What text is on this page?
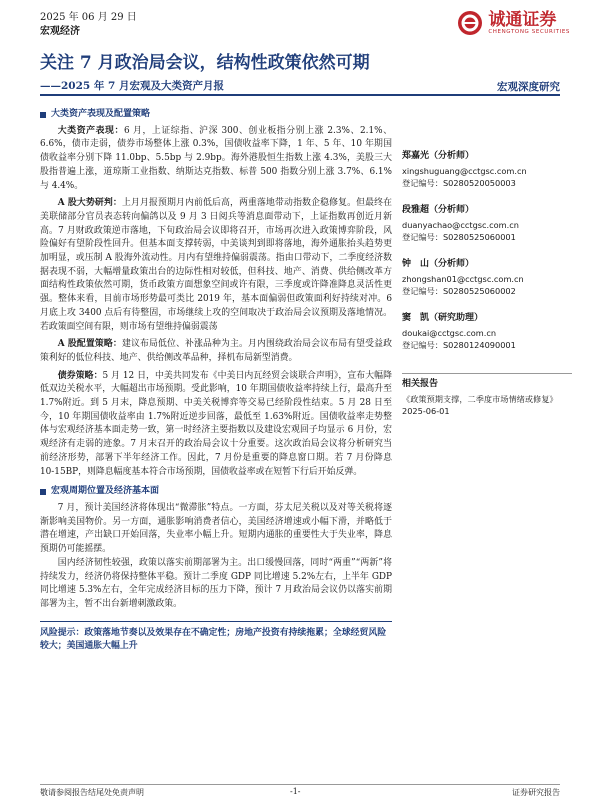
2025 年 06 月 29 日
宏观经济
诚通证券
CHENGTONG SECURITIES
关注 7 月政治局会议，结构性政策依然可期
——2025 年 7 月宏观及大类资产月报	宏观深度研究
大类资产表现及配置策略

大类资产表现：6 月，上证综指、沪深 300、创业板指分别上涨 2.3%、2.1%、6.6%，债市走弱，债券市场整体上涨 0.3%，国债收益率下降，1 年、5 年、10 年期国债收益率分别下降 11.0bp、5.5bp 与 2.9bp。海外港股恒生指数上涨 4.3%，美股三大股指普遍上涨，道琼斯工业指数、纳斯达克指数、标普 500 指数分别上涨 3.7%、6.1%与 4.4%。

A 股大势研判：上月月报预期月内前低后高，两重落地带动指数企稳修复。但最终在美联储部分官员表态转向偏鸽以及 9 月 3 日阅兵等消息面带动下，上证指数再创近月新高。7 月财政政策逆市落地，下旬政治局会议即将召开，市场再次进入政策博弈阶段，风险偏好有望阶段性回升。但基本面支撑转弱，中美谈判到即将落地，海外通胀抬头趋势更加明显，或压制 A 股海外流动性。月内有望维持偏弱震荡。指由口带动下，二季度经济数据表现不弱，大幅增量政策出台的边际性相对较低，但科技、地产、消费、供给侧改革方面结构性政策依然可期，货币政策方面想象空间或许有限，三季度或许降准降息灵活性更强。整体来看，目前市场形势最可类比 2019 年，基本面偏弱但政策面利好持续对冲。6 月底上攻 3400 点后有待整固，市场继续上攻的空间取决于政治局会议预期及落地情况。若政策面空间有限，则市场有望维持偏弱震荡

A 股配置策略：建议布局低位、补涨品种为主。月内围绕政治局会议布局有望受益政策利好的低位科技、地产、供给侧改革品种，择机布局新型消费。

债券策略：5 月 12 日，中美共同发布《中美日内瓦经贸会谈联合声明》，宣布大幅降低双边关税水平，大幅超出市场预期。受此影响，10 年期国债收益率持续上行，最高升至 1.7%附近。到 5 月末，降息预期、中美关税博弈等交易已经阶段性结束。5 月 28 日至今，10 年期国债收益率由 1.7%附近逆步回落，最低至 1.63%附近。国债收益率走势整体与宏观经济基本面走势一致，第一时经济主要指数以及建设宏观回子均显示 6 月份，宏观经济有走弱的迹象。7 月末召开的政治局会议十分重要。这次政治局会议将分析研究当前经济形势，部署下半年经济工作。因此，7 月份是重要的降息窗口期。若 7 月份降息 10-15BP，则降息幅度基本符合市场预期，国债收益率或在短暂下行后开始反弹。

宏观周期位置及经济基本面

7 月，预计美国经济将体现出“微滞胀”特点。一方面，芬太尼关税以及对等关税将逐渐影响美国物价。另一方面，通胀影响消费者信心，美国经济增速或小幅下滑，并略低于潜在增速，产出缺口开始回落，失业率小幅上升。短期内通胀的重要性大于失业率，降息预期仍可能摇摆。

国内经济韧性较强，政策以落实前期部署为主。出口缓慢回落，同时“两重”“两新”将持续发力，经济仍将保持整体平稳。预计二季度 GDP 同比增速 5.2%左右，上半年 GDP 同比增速 5.3%左右，全年完成经济目标的压力下降，预计 7 月政治局会议仍以落实前期部署为主，暂不出台新增刺激政策。

风险提示：政策落地节奏以及效果存在不确定性；房地产投资有持续拖累；全球经贸风险较大；美国通胀大幅上升
郑嘉光（分析师）
xingshuguang@cctgsc.com.cn
登记编号：S0280520050003
段雅超（分析师）
duanyachao@cctgsc.com.cn
登记编号：S0280525060001
钟　山（分析师）
zhongshan01@cctgsc.com.cn
登记编号：S0280525060002
窦　凯（研究助理）
doukai@cctgsc.com.cn
登记编号：S0280124090001
相关报告
《政策预期支撑，二季度市场情绪或修复》2025-06-01
敬请参阅报告结尾处免责声明	-1-	证券研究报告
